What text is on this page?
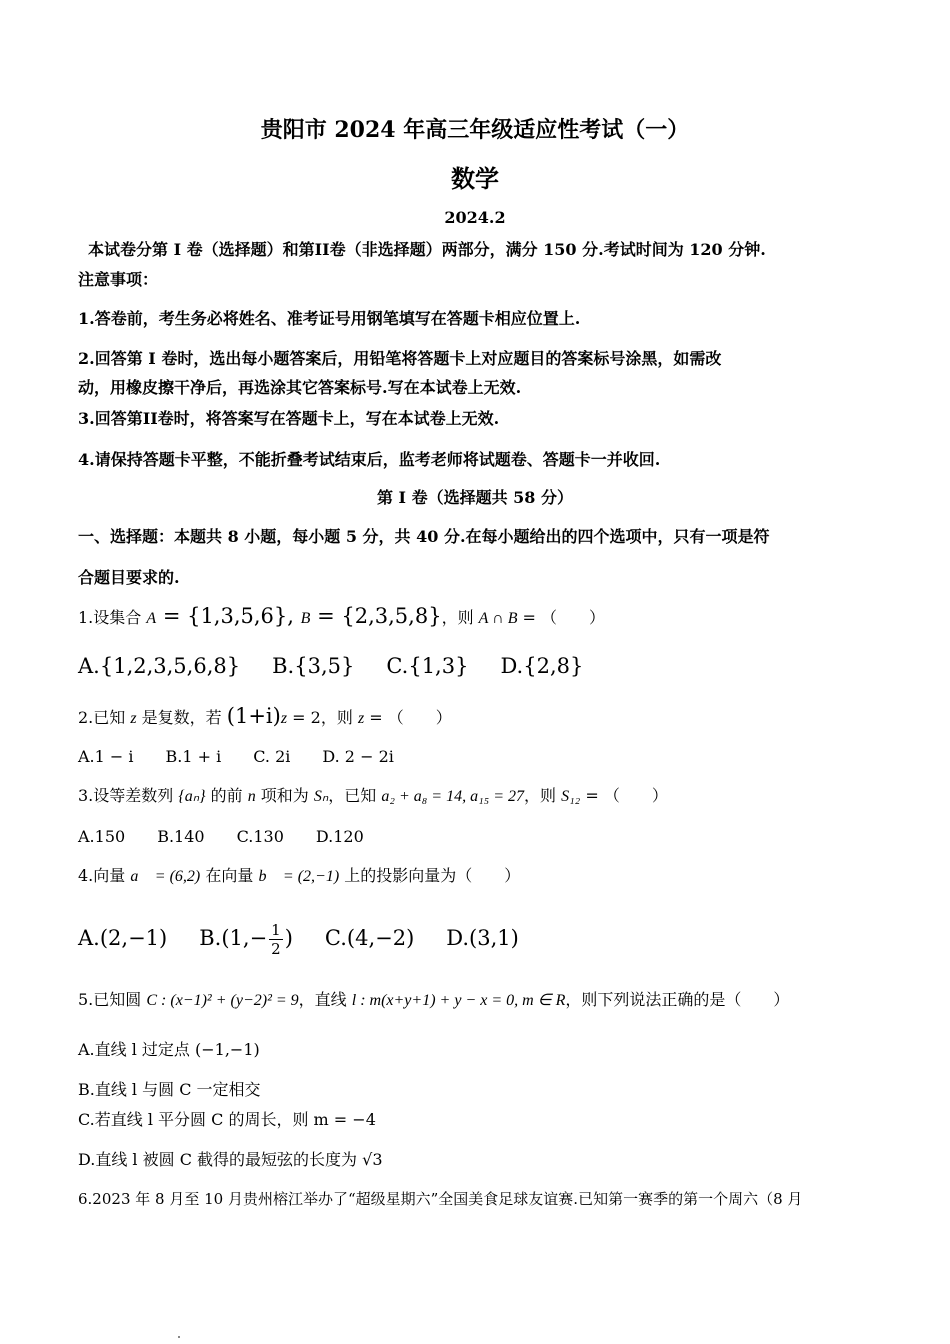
贵阳市 2024 年高三年级适应性考试（一）
数学
2024.2
本试卷分第 I 卷（选择题）和第II卷（非选择题）两部分，满分 150 分.考试时间为 120 分钟.
注意事项：
1.答卷前，考生务必将姓名、准考证号用钢笔填写在答题卡相应位置上.
2.回答第 I 卷时，选出每小题答案后，用铅笔将答题卡上对应题目的答案标号涂黑，如需改
动，用橡皮擦干净后，再选涂其它答案标号.写在本试卷上无效.
3.回答第II卷时，将答案写在答题卡上，写在本试卷上无效.
4.请保持答题卡平整，不能折叠考试结束后，监考老师将试题卷、答题卡一并收回.
第 I 卷（选择题共 58 分）
一、选择题：本题共 8 小题，每小题 5 分，共 40 分.在每小题给出的四个选项中，只有一项是符
合题目要求的.
1.设集合 A = {1,3,5,6}, B = {2,3,5,8}，则 A ∩ B = （　　）
A.{1,2,3,5,6,8} B.{3,5} C.{1,3} D.{2,8}
2.已知 z 是复数，若 (1+i)z = 2，则 z = （　　）
A.1 − i B.1 + i C. 2i D. 2 − 2i
3.设等差数列 {aₙ} 的前 n 项和为 Sₙ，已知 a₂ + a₈ = 14, a₁₅ = 27，则 S₁₂ = （　　）
A.150 B.140 C.130 D.120
4.向量 a⃗ = (6,2) 在向量 b⃗ = (2,−1) 上的投影向量为（　　）
A.(2,−1) $B.(1,- \frac{1}{2}$ ) C.(4,−2) D.(3,1)
5.已知圆 C : (x−1)² + (y−2)² = 9，直线 l : m(x+y+1) + y − x = 0, m ∈ R，则下列说法正确的是（　　）
A.直线 l 过定点 (−1,−1)
B.直线 l 与圆 C 一定相交
C.若直线 l 平分圆 C 的周长，则 m = −4
D.直线 l 被圆 C 截得的最短弦的长度为 √3
6.2023 年 8 月至 10 月贵州榕江举办了“超级星期六”全国美食足球友谊赛.已知第一赛季的第一个周六（8 月
